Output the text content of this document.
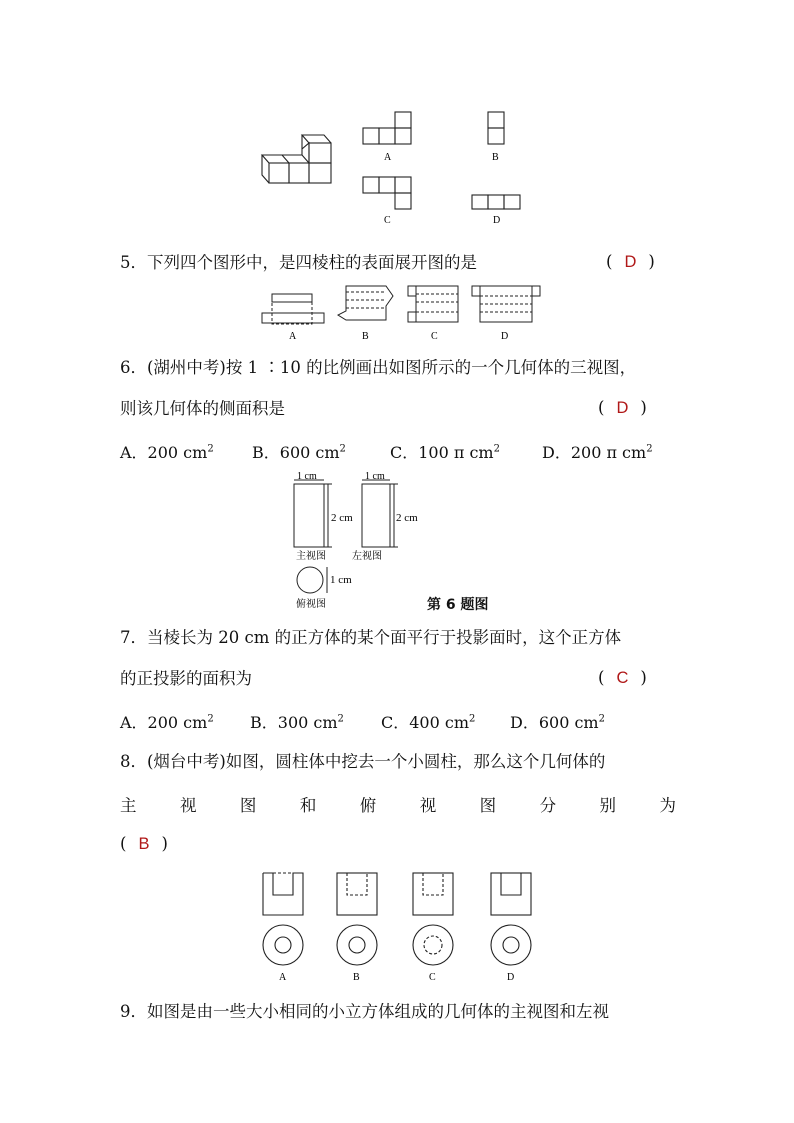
A	B
C	D
5．下列四个图形中，是四棱柱的表面展开图的是	( D )
A	B	C	D
6．(湖州中考)按 1 ∶10 的比例画出如图所示的一个几何体的三视图，
则该几何体的侧面积是	( D )
A．200 $cm^2$ B．600 $cm^2$	C．100 π $cm^2$	D．200 π $cm^2$
1 cm	1 cm
2 cm	2 cm
1 cm
主视图	左视图
俯视图	第 6 题图
7．当棱长为 20 cm 的正方体的某个面平行于投影面时，这个正方体
的正投影的面积为	( C )
A．200 $cm^2$ B．300 $cm^2$ C．400 $cm^2$ D．600 $cm^2$
8．(烟台中考)如图，圆柱体中挖去一个小圆柱，那么这个几何体的
主	视	图	和	俯	视	图	分	别	为
( B )
A	B	C	D
9．如图是由一些大小相同的小立方体组成的几何体的主视图和左视
